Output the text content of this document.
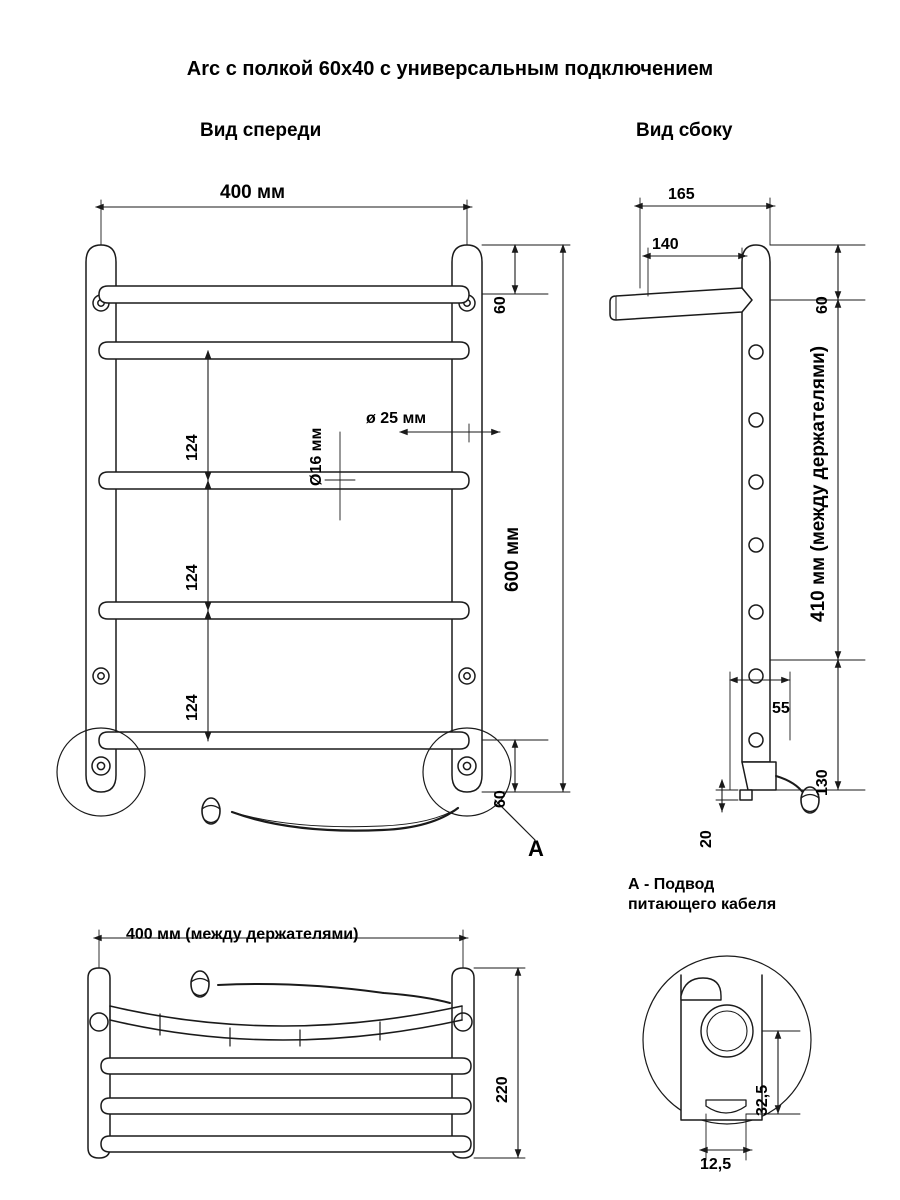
Arc с полкой 60x40 с универсальным подключением
Вид спереди	Вид сбоку
400 мм
600 мм
60
60
124
124
124
Ø16 мм
ø 25 мм
А
165
140
60
410 мм (между держателями)
130
55
20
400 мм (между держателями)
220
А - Подвод
питающего кабеля
32,5
12,5
